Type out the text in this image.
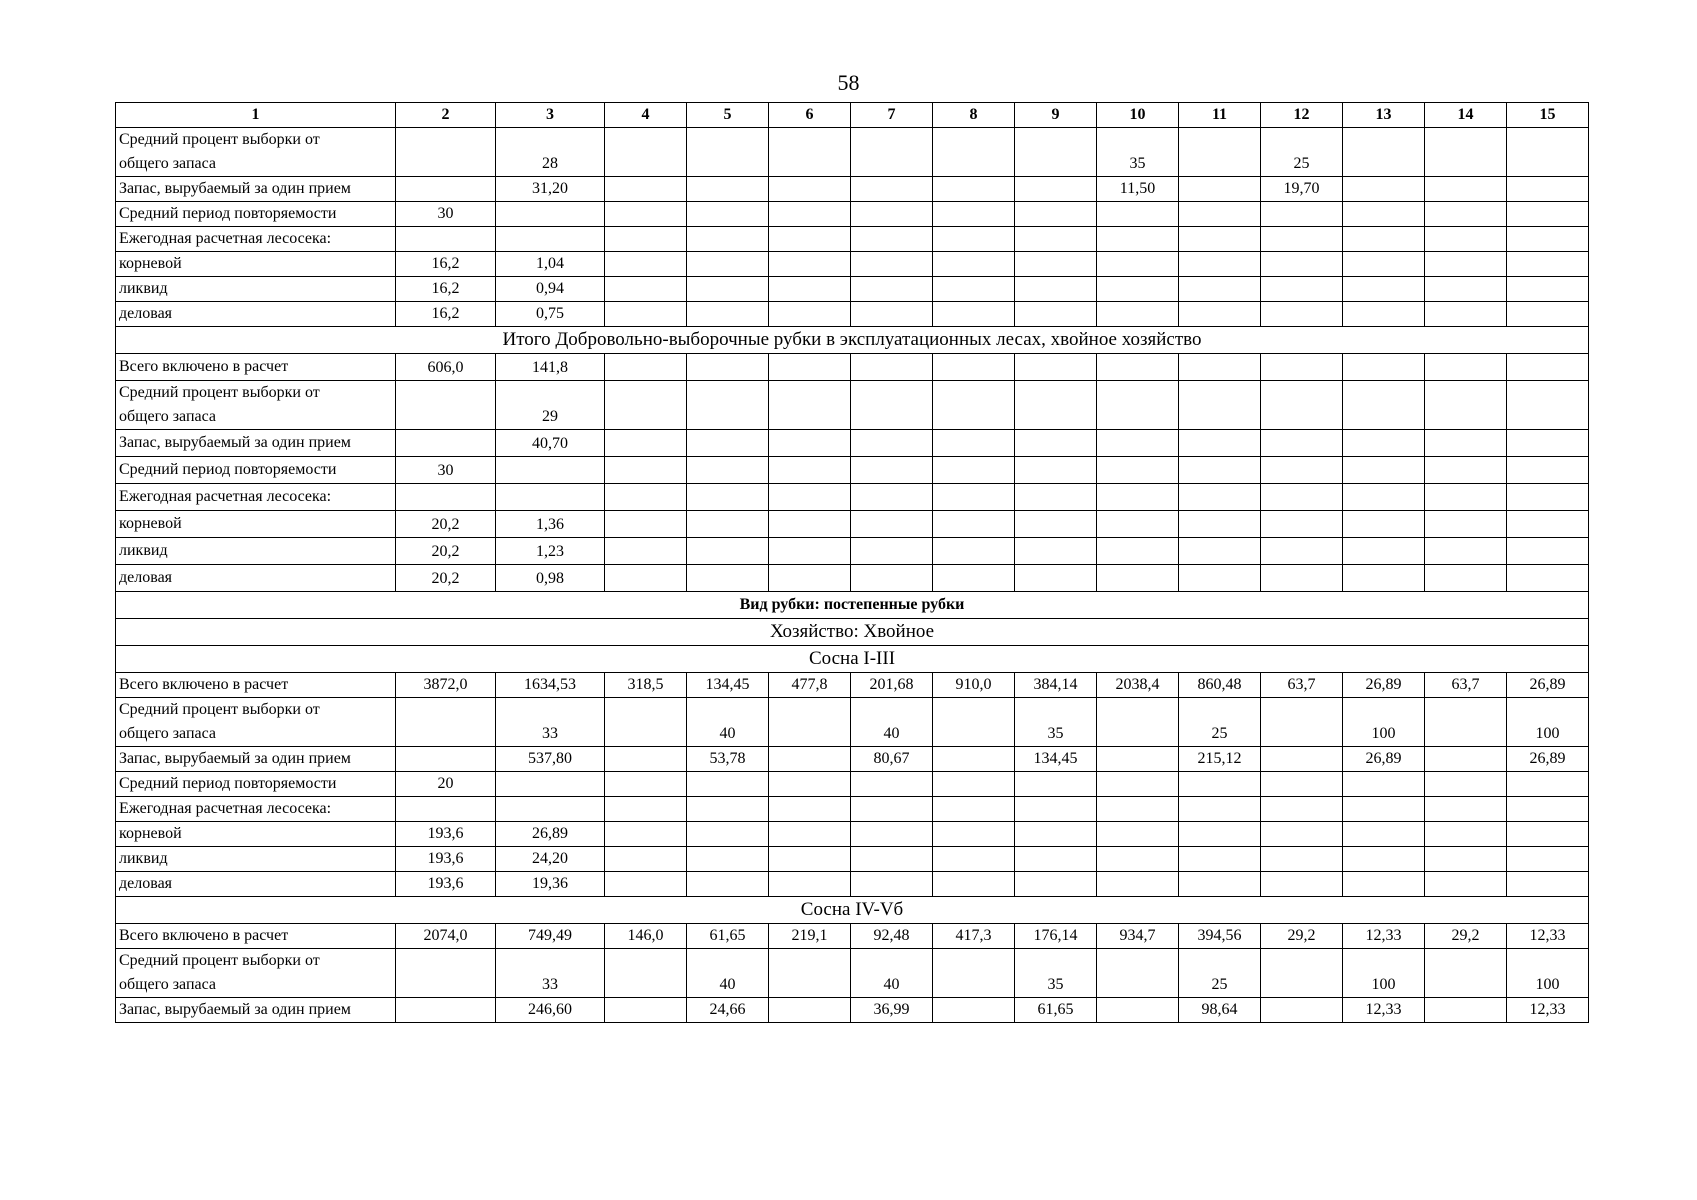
58
1	2	3	4	5	6	7	8	9	10	11	12	13	14	15
Средний процент выборки от
общего запаса		28							35		25			
Запас, вырубаемый за один прием		31,20							11,50		19,70			
Средний период повторяемости	30													
Ежегодная расчетная лесосека:														
корневой	16,2	1,04												
ликвид	16,2	0,94												
деловая	16,2	0,75												
Итого Добровольно-выборочные рубки в эксплуатационных лесах, хвойное хозяйство														
Всего включено в расчет	606,0	141,8												
Средний процент выборки от
общего запаса		29												
Запас, вырубаемый за один прием		40,70												
Средний период повторяемости	30													
Ежегодная расчетная лесосека:														
корневой	20,2	1,36												
ликвид	20,2	1,23												
деловая	20,2	0,98												
Вид рубки: постепенные рубки														
Хозяйство: Хвойное														
Сосна I-III														
Всего включено в расчет	3872,0	1634,53	318,5	134,45	477,8	201,68	910,0	384,14	2038,4	860,48	63,7	26,89	63,7	26,89
Средний процент выборки от
общего запаса		33		40		40		35		25		100		100
Запас, вырубаемый за один прием		537,80		53,78		80,67		134,45		215,12		26,89		26,89
Средний период повторяемости	20													
Ежегодная расчетная лесосека:														
корневой	193,6	26,89												
ликвид	193,6	24,20												
деловая	193,6	19,36												
Сосна IV-Vб														
Всего включено в расчет	2074,0	749,49	146,0	61,65	219,1	92,48	417,3	176,14	934,7	394,56	29,2	12,33	29,2	12,33
Средний процент выборки от
общего запаса		33		40		40		35		25		100		100
Запас, вырубаемый за один прием		246,60		24,66		36,99		61,65		98,64		12,33		12,33
